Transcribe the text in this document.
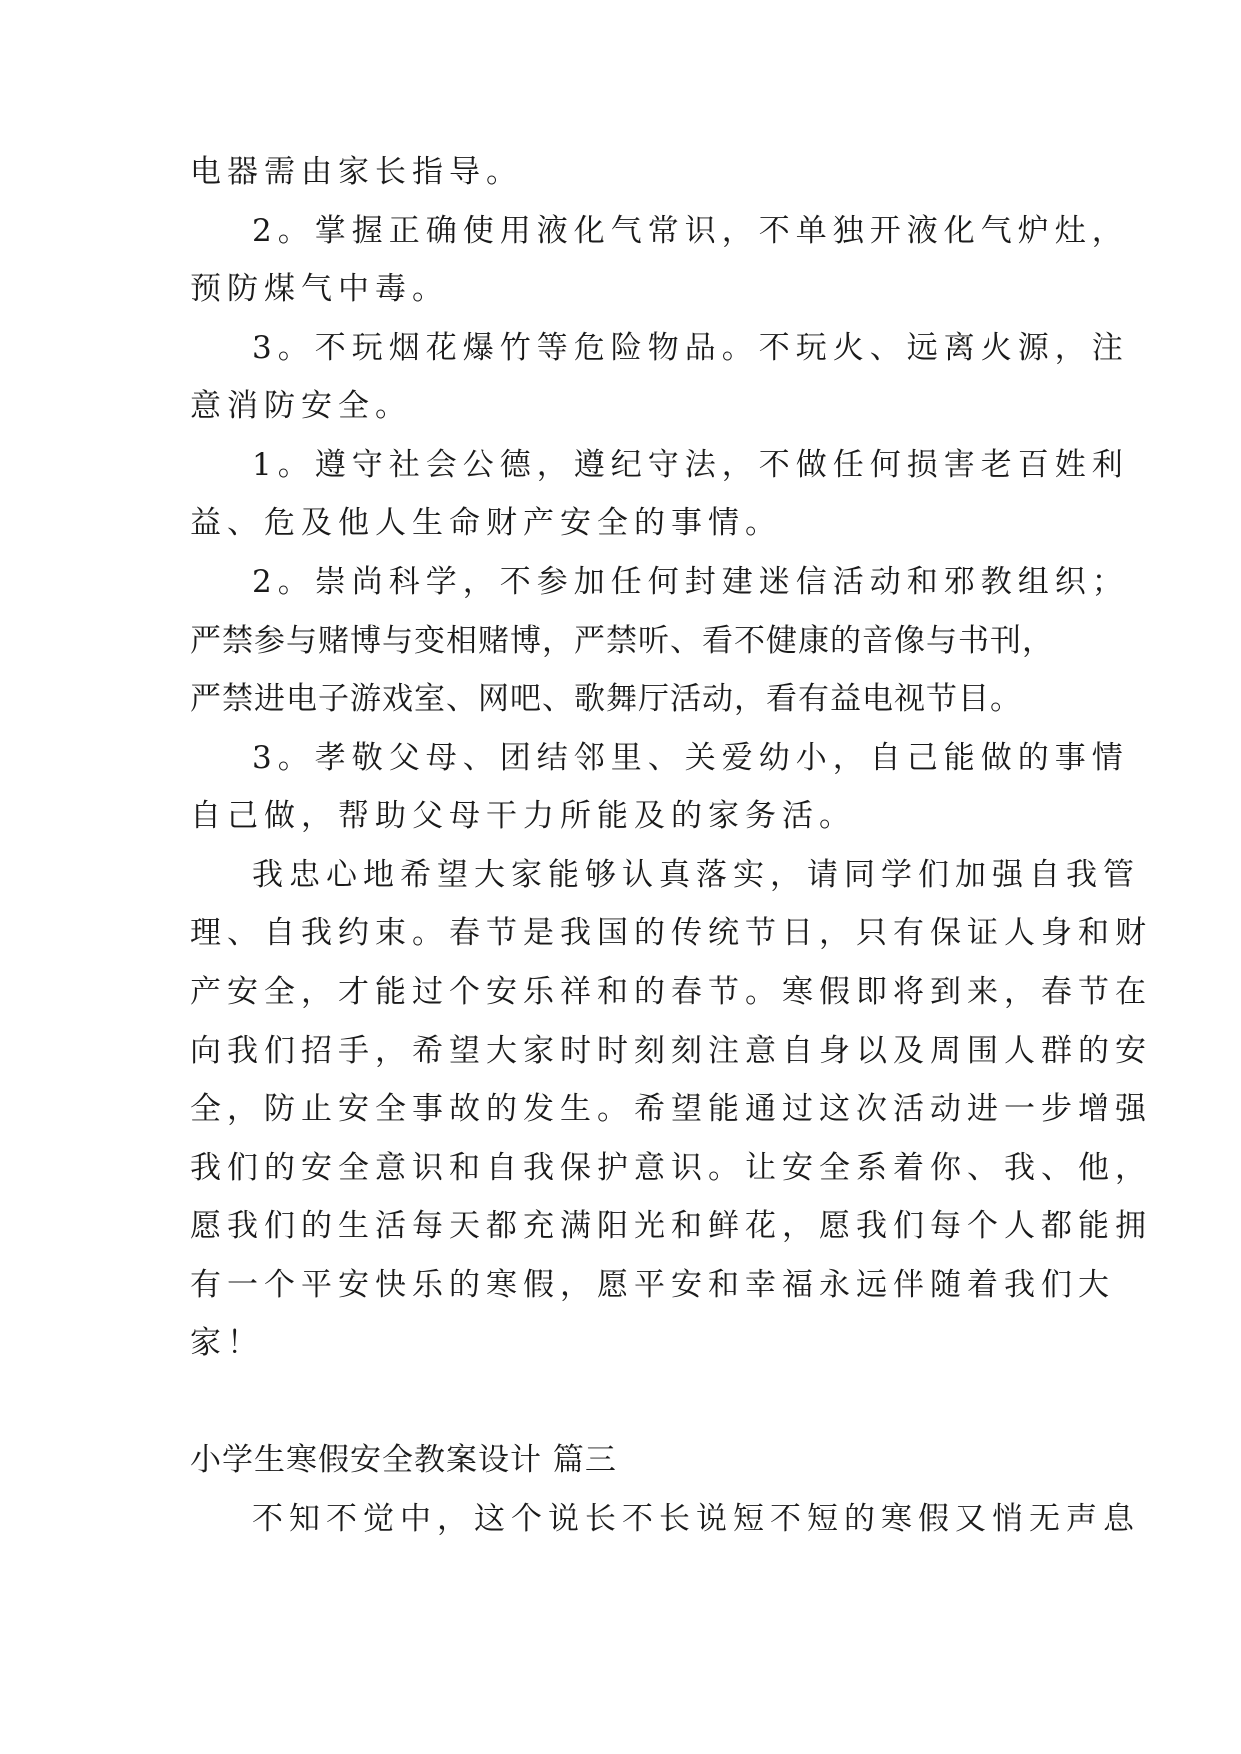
电器需由家长指导。

2。掌握正确使用液化气常识，不单独开液化气炉灶，

预防煤气中毒。

3。不玩烟花爆竹等危险物品。不玩火、远离火源，注

意消防安全。

1。遵守社会公德，遵纪守法，不做任何损害老百姓利

益、危及他人生命财产安全的事情。

2。崇尚科学，不参加任何封建迷信活动和邪教组织；

严禁参与赌博与变相赌博，严禁听、看不健康的音像与书刊，

严禁进电子游戏室、网吧、歌舞厅活动，看有益电视节目。

3。孝敬父母、团结邻里、关爱幼小，自己能做的事情

自己做，帮助父母干力所能及的家务活。

我忠心地希望大家能够认真落实，请同学们加强自我管

理、自我约束。春节是我国的传统节日，只有保证人身和财

产安全，才能过个安乐祥和的春节。寒假即将到来，春节在

向我们招手，希望大家时时刻刻注意自身以及周围人群的安

全，防止安全事故的发生。希望能通过这次活动进一步增强

我们的安全意识和自我保护意识。让安全系着你、我、他，

愿我们的生活每天都充满阳光和鲜花，愿我们每个人都能拥

有一个平安快乐的寒假，愿平安和幸福永远伴随着我们大

家！

小学生寒假安全教案设计 篇三

不知不觉中，这个说长不长说短不短的寒假又悄无声息
